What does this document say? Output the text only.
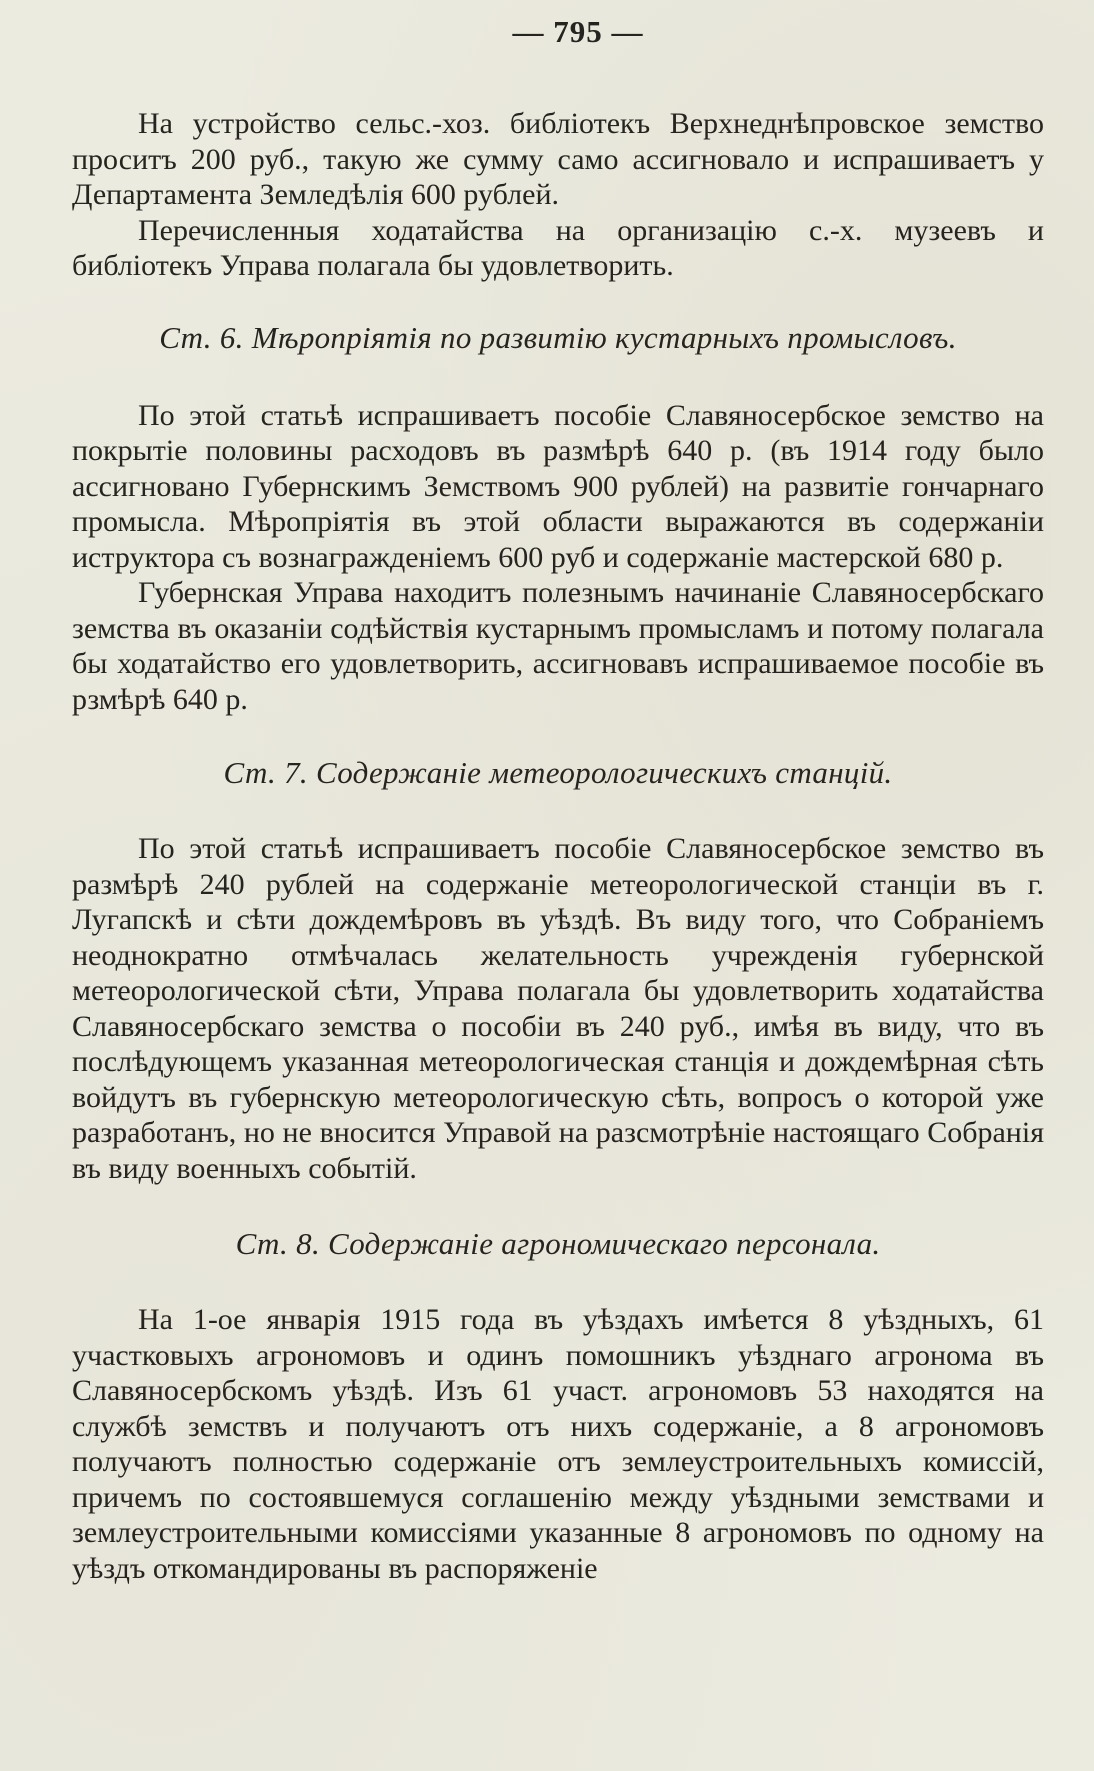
— 795 —

На устройство сельс.-хоз. библіотекъ Верхнеднѣпровское земство проситъ 200 руб., такую же сумму само ассигновало и испрашиваетъ у Департамента Земледѣлія 600 рублей.

Перечисленныя ходатайства на организацію с.-х. музеевъ и библіотекъ Управа полагала бы удовлетворить.

Ст. 6. Мѣропріятія по развитію кустарныхъ промысловъ.

По этой статьѣ испрашиваетъ пособіе Славяносербское земство на покрытіе половины расходовъ въ размѣрѣ 640 р. (въ 1914 году было ассигновано Губернскимъ Земствомъ 900 рублей) на развитіе гончарнаго промысла. Мѣропріятія въ этой области выражаются въ содержаніи иструктора съ вознагражденіемъ 600 руб и содержаніе мастерской 680 р.

Губернская Управа находитъ полезнымъ начинаніе Славяносербскаго земства въ оказаніи содѣйствія кустарнымъ промысламъ и потому полагала бы ходатайство его удовлетворить, ассигновавъ испрашиваемое пособіе въ рзмѣрѣ 640 р.

Ст. 7. Содержаніе метеорологическихъ станцій.

По этой статьѣ испрашиваетъ пособіе Славяносербское земство въ размѣрѣ 240 рублей на содержаніе метеорологической станціи въ г. Лугапскѣ и сѣти дождемѣровъ въ уѣздѣ. Въ виду того, что Собраніемъ неоднократно отмѣчалась желательность учрежденія губернской метеорологической сѣти, Управа полагала бы удовлетворить ходатайства Славяносербскаго земства о пособіи въ 240 руб., имѣя въ виду, что въ послѣдующемъ указанная метеорологическая станція и дождемѣрная сѣть войдутъ въ губернскую метеорологическую сѣть, вопросъ о которой уже разработанъ, но не вносится Управой на разсмотрѣніе настоящаго Собранія въ виду военныхъ событій.

Ст. 8. Содержаніе агрономическаго персонала.

На 1-ое январія 1915 года въ уѣздахъ имѣется 8 уѣздныхъ, 61 участковыхъ агрономовъ и одинъ помошникъ уѣзднаго агронома въ Славяносербскомъ уѣздѣ. Изъ 61 участ. агрономовъ 53 находятся на службѣ земствъ и получаютъ отъ нихъ содержаніе, а 8 агрономовъ получаютъ полностью содержаніе отъ землеустроительныхъ комиссій, причемъ по состоявшемуся соглашенію между уѣздными земствами и землеустроительными комиссіями указанные 8 агрономовъ по одному на уѣздъ откомандированы въ распоряженіе
